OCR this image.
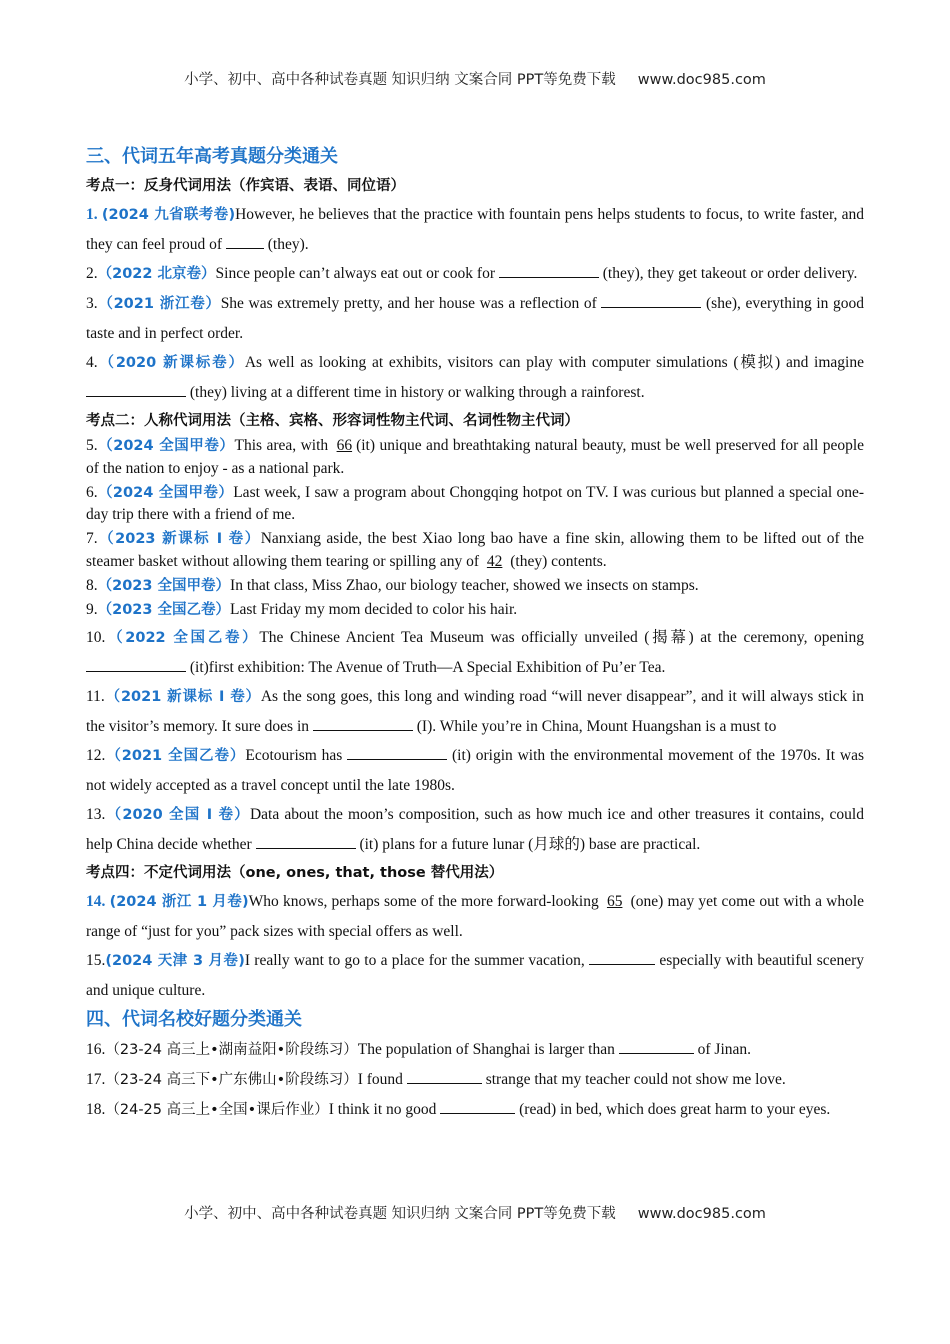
小学、初中、高中各种试卷真题 知识归纳 文案合同 PPT等免费下载 www.doc985.com
三、代词五年高考真题分类通关
考点一：反身代词用法（作宾语、表语、同位语）

1. (2024 九省联考卷)However, he believes that the practice with fountain pens helps students to focus, to write faster, and they can feel proud of	(they).

2.（2022 北京卷）Since people can’t always eat out or cook for	(they), they get takeout or order delivery.

3.（2021 浙江卷）She was extremely pretty, and her house was a reflection of	(she), everything in good taste and in perfect order.

4.（2020 新课标卷）As well as looking at exhibits, visitors can play with computer simulations (模拟) and imagine  (they) living at a different time in history or walking through a rainforest.

考点二：人称代词用法（主格、宾格、形容词性物主代词、名词性物主代词）

5.（2024 全国甲卷）This area, with 66 (it) unique and breathtaking natural beauty, must be well preserved for all people of the nation to enjoy - as a national park.

6.（2024 全国甲卷）Last week, I saw a program about Chongqing hotpot on TV. I was curious but planned a special one-day trip there with a friend of me.

7.（2023 新课标 I 卷）Nanxiang aside, the best Xiao long bao have a fine skin, allowing them to be lifted out of the steamer basket without allowing them tearing or spilling any of 42 (they) contents.

8.（2023 全国甲卷）In that class, Miss Zhao, our biology teacher, showed we insects on stamps.

9.（2023 全国乙卷）Last Friday my mom decided to color his hair.

10.（2022 全国乙卷）The Chinese Ancient Tea Museum was officially unveiled (揭幕) at the ceremony, opening  (it)first exhibition: The Avenue of Truth—A Special Exhibition of Pu’er Tea.

11.（2021 新课标 I 卷）As the song goes, this long and winding road “will never disappear”, and it will always stick in the visitor’s memory. It sure does in	(I). While you’re in China, Mount Huangshan is a must to

12.（2021 全国乙卷）Ecotourism has	(it) origin with the environmental movement of the 1970s. It was not widely accepted as a travel concept until the late 1980s.

13.（2020 全国 I 卷）Data about the moon’s composition, such as how much ice and other treasures it contains, could help China decide whether	(it) plans for a future lunar (月球的) base are practical.

考点四：不定代词用法（one, ones, that, those 替代用法）

14. (2024 浙江 1 月卷)Who knows, perhaps some of the more forward-looking 65 (one) may yet come out with a whole range of “just for you” pack sizes with special offers as well.

15.(2024 天津 3 月卷)I really want to go to a place for the summer vacation,	especially with beautiful scenery and unique culture.

四、代词名校好题分类通关

16.（23-24 高三上•湖南益阳•阶段练习）The population of Shanghai is larger than	of Jinan.

17.（23-24 高三下•广东佛山•阶段练习）I found	strange that my teacher could not show me love.

18.（24-25 高三上•全国•课后作业）I think it no good	(read) in bed, which does great harm to your eyes.

小学、初中、高中各种试卷真题 知识归纳 文案合同 PPT等免费下载 www.doc985.com
